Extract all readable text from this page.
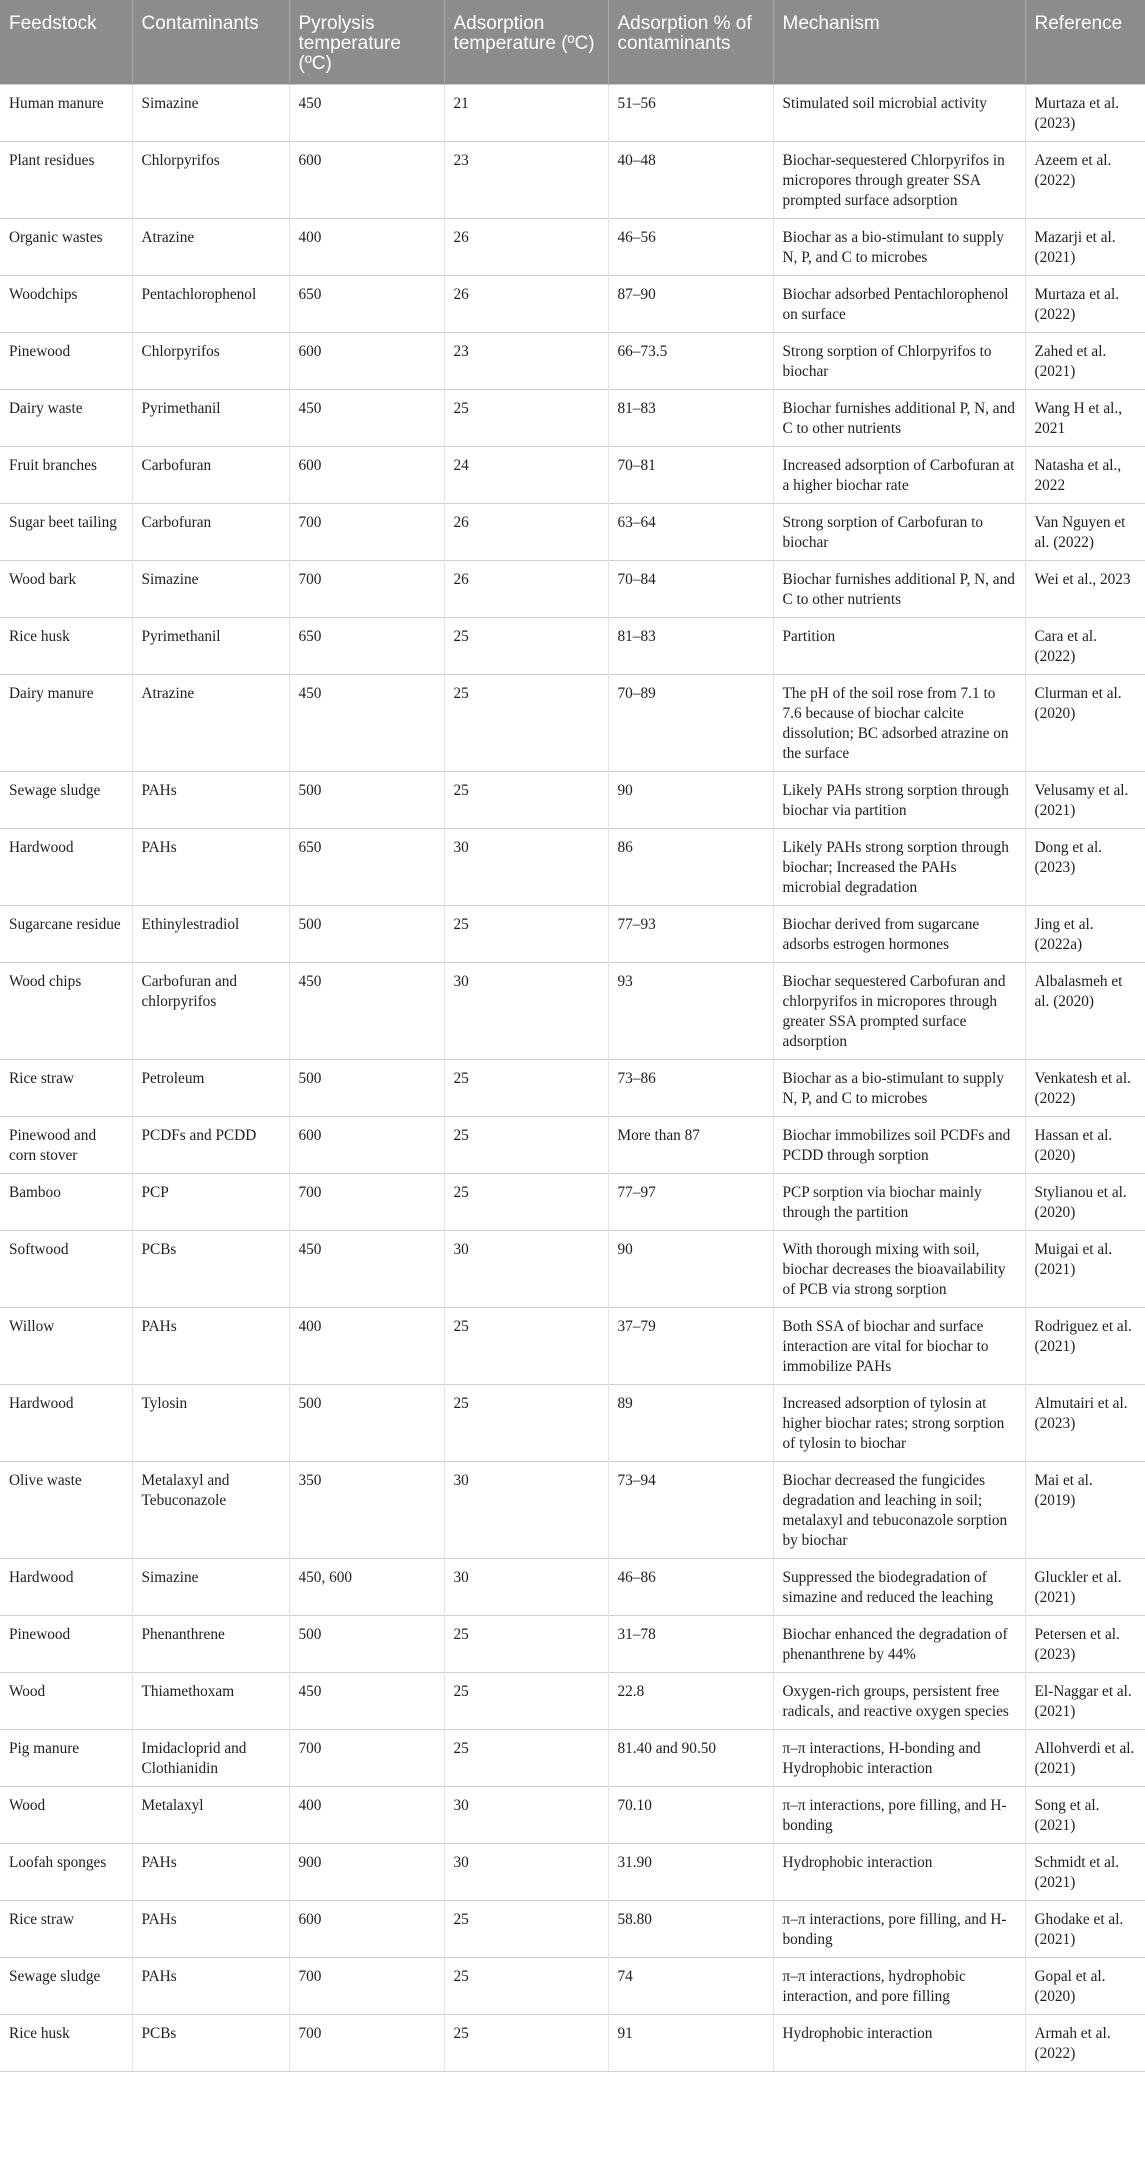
Feedstock	Contaminants	Pyrolysis temperature (ºC)	Adsorption temperature (ºC)	Adsorption % of contaminants	Mechanism	Reference
Human manure	Simazine	450	21	51–56	Stimulated soil microbial activity	Murtaza et al. (2023)
Plant residues	Chlorpyrifos	600	23	40–48	Biochar-sequestered Chlorpyrifos in micropores through greater SSA prompted surface adsorption	Azeem et al. (2022)
Organic wastes	Atrazine	400	26	46–56	Biochar as a bio-stimulant to supply N, P, and C to microbes	Mazarji et al. (2021)
Woodchips	Pentachlorophenol	650	26	87–90	Biochar adsorbed Pentachlorophenol on surface	Murtaza et al. (2022)
Pinewood	Chlorpyrifos	600	23	66–73.5	Strong sorption of Chlorpyrifos to biochar	Zahed et al. (2021)
Dairy waste	Pyrimethanil	450	25	81–83	Biochar furnishes additional P, N, and C to other nutrients	Wang H et al., 2021
Fruit branches	Carbofuran	600	24	70–81	Increased adsorption of Carbofuran at a higher biochar rate	Natasha et al., 2022
Sugar beet tailing	Carbofuran	700	26	63–64	Strong sorption of Carbofuran to biochar	Van Nguyen et al. (2022)
Wood bark	Simazine	700	26	70–84	Biochar furnishes additional P, N, and C to other nutrients	Wei et al., 2023
Rice husk	Pyrimethanil	650	25	81–83	Partition	Cara et al. (2022)
Dairy manure	Atrazine	450	25	70–89	The pH of the soil rose from 7.1 to 7.6 because of biochar calcite dissolution; BC adsorbed atrazine on the surface	Clurman et al. (2020)
Sewage sludge	PAHs	500	25	90	Likely PAHs strong sorption through biochar via partition	Velusamy et al. (2021)
Hardwood	PAHs	650	30	86	Likely PAHs strong sorption through biochar; Increased the PAHs microbial degradation	Dong et al. (2023)
Sugarcane residue	Ethinylestradiol	500	25	77–93	Biochar derived from sugarcane adsorbs estrogen hormones	Jing et al. (2022a)
Wood chips	Carbofuran and chlorpyrifos	450	30	93	Biochar sequestered Carbofuran and chlorpyrifos in micropores through greater SSA prompted surface adsorption	Albalasmeh et al. (2020)
Rice straw	Petroleum	500	25	73–86	Biochar as a bio-stimulant to supply N, P, and C to microbes	Venkatesh et al. (2022)
Pinewood and corn stover	PCDFs and PCDD	600	25	More than 87	Biochar immobilizes soil PCDFs and PCDD through sorption	Hassan et al. (2020)
Bamboo	PCP	700	25	77–97	PCP sorption via biochar mainly through the partition	Stylianou et al. (2020)
Softwood	PCBs	450	30	90	With thorough mixing with soil, biochar decreases the bioavailability of PCB via strong sorption	Muigai et al. (2021)
Willow	PAHs	400	25	37–79	Both SSA of biochar and surface interaction are vital for biochar to immobilize PAHs	Rodriguez et al. (2021)
Hardwood	Tylosin	500	25	89	Increased adsorption of tylosin at higher biochar rates; strong sorption of tylosin to biochar	Almutairi et al. (2023)
Olive waste	Metalaxyl and Tebuconazole	350	30	73–94	Biochar decreased the fungicides degradation and leaching in soil; metalaxyl and tebuconazole sorption by biochar	Mai et al. (2019)
Hardwood	Simazine	450, 600	30	46–86	Suppressed the biodegradation of simazine and reduced the leaching	Gluckler et al. (2021)
Pinewood	Phenanthrene	500	25	31–78	Biochar enhanced the degradation of phenanthrene by 44%	Petersen et al. (2023)
Wood	Thiamethoxam	450	25	22.8	Oxygen-rich groups, persistent free radicals, and reactive oxygen species	El-Naggar et al. (2021)
Pig manure	Imidacloprid and Clothianidin	700	25	81.40 and 90.50	π–π interactions, H-bonding and Hydrophobic interaction	Allohverdi et al. (2021)
Wood	Metalaxyl	400	30	70.10	π–π interactions, pore filling, and H-bonding	Song et al. (2021)
Loofah sponges	PAHs	900	30	31.90	Hydrophobic interaction	Schmidt et al. (2021)
Rice straw	PAHs	600	25	58.80	π–π interactions, pore filling, and H-bonding	Ghodake et al. (2021)
Sewage sludge	PAHs	700	25	74	π–π interactions, hydrophobic interaction, and pore filling	Gopal et al. (2020)
Rice husk	PCBs	700	25	91	Hydrophobic interaction	Armah et al. (2022)
